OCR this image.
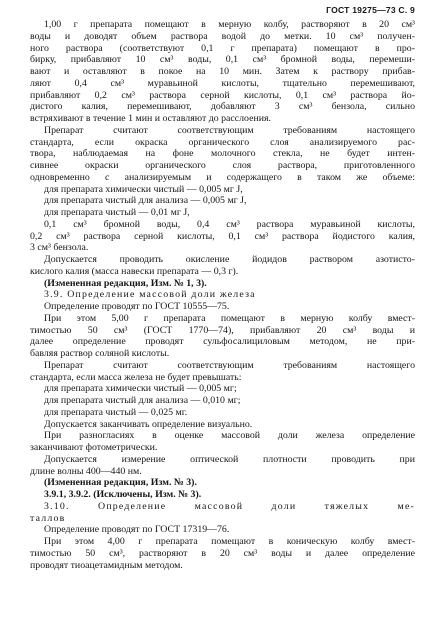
ГОСТ 19275—73 С. 9
1,00 г препарата помещают в мерную колбу, растворяют в 20 см³
воды и доводят объем раствора водой до метки. 10 см³ получен-
ного раствора (соответствуют 0,1 г препарата) помещают в про-
бирку, прибавляют 10 см³ воды, 0,1 см³ бромной воды, перемеши-
вают и оставляют в покое на 10 мин. Затем к раствору прибав-
ляют 0,4 см³ муравьиной кислоты, тщательно перемешивают,
прибавляют 0,2 см³ раствора серной кислоты, 0,1 см³ раствора йо-
дистого калия, перемешивают, добавляют 3 см³ бензола, сильно
встряхивают в течение 1 мин и оставляют до расслоения.
Препарат считают соответствующим требованиям настоящего
стандарта, если окраска органического слоя анализируемого рас-
твора, наблюдаемая на фоне молочного стекла, не будет интен-
сивнее окраски органического слоя раствора, приготовленного
одновременно с анализируемым и содержащего в таком же объеме:
для препарата химически чистый — 0,005 мг J,
для препарата чистый для анализа — 0,005 мг J,
для препарата чистый — 0,01 мг J,
0,1 см³ бромной воды, 0,4 см³ раствора муравьиной кислоты,
0,2 см³ раствора серной кислоты, 0,1 см³ раствора йодистого калия,
3 см³ бензола.
Допускается проводить окисление йодидов раствором азотисто-
кислого калия (масса навески препарата — 0,3 г).
(Измененная редакция, Изм. № 1, 3).
3.9. Определение массовой доли железа
Определение проводят по ГОСТ 10555—75.
При этом 5,00 г препарата помещают в мерную колбу вмест-
тимостью 50 см³ (ГОСТ 1770—74), прибавляют 20 см³ воды и
далее определение проводят сульфосалициловым методом, не при-
бавляя раствор соляной кислоты.
Препарат считают соответствующим требованиям настоящего
стандарта, если масса железа не будет превышать:
для препарата химически чистый — 0,005 мг;
для препарата чистый для анализа — 0,010 мг;
для препарата чистый — 0,025 мг.
Допускается заканчивать определение визуально.
При разногласиях в оценке массовой доли железа определение
заканчивают фотометрически.
Допускается измерение оптической плотности проводить при
длине волны 400—440 нм.
(Измененная редакция, Изм. № 3).
3.9.1, 3.9.2. (Исключены, Изм. № 3).
3.10. Определение массовой доли тяжелых ме-
таллов
Определение проводят по ГОСТ 17319—76.
При этом 4,00 г препарата помещают в коническую колбу вмест-
тимостью 50 см³, растворяют в 20 см³ воды и далее определение
проводят тиоацетамидным методом.
